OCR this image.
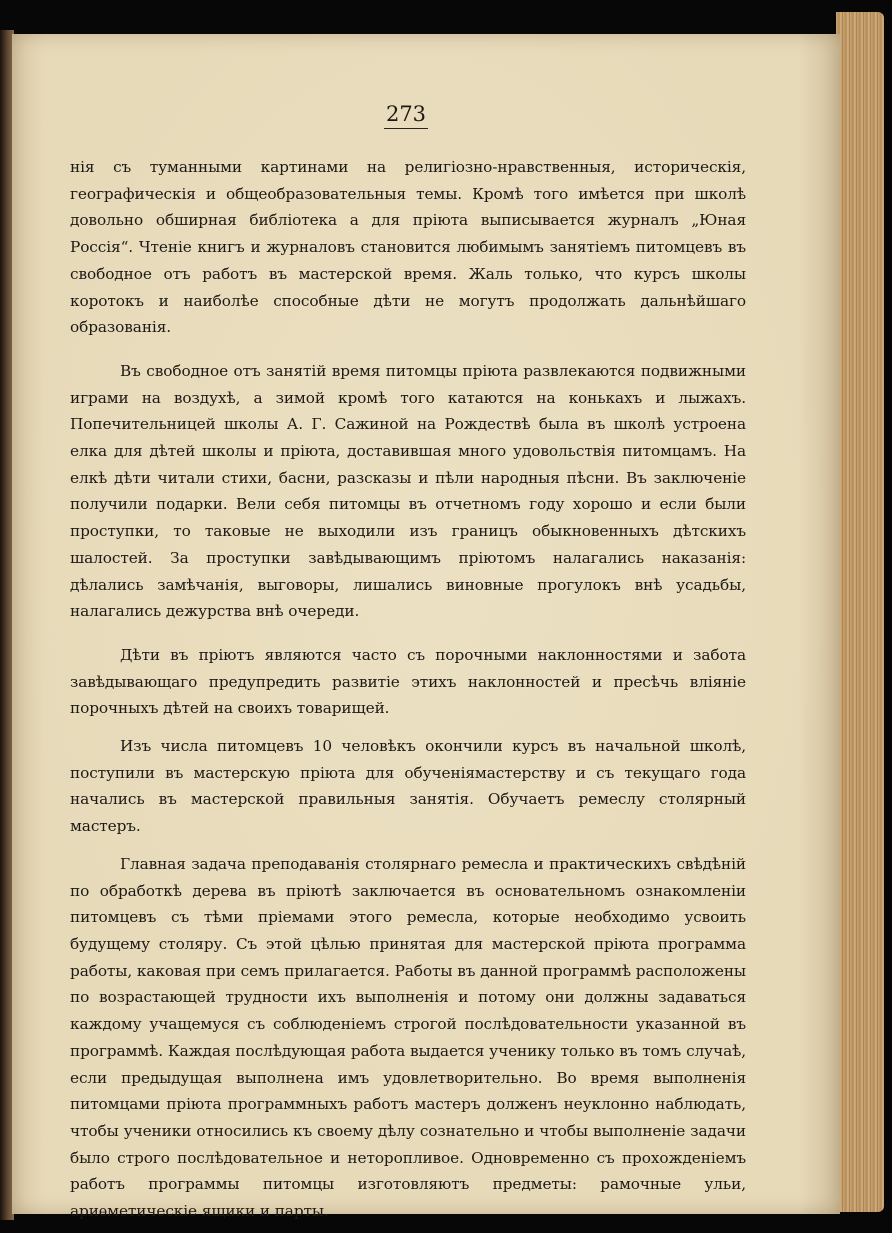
273

нія съ туманными картинами на религіозно-нравственныя, историческія, географическія и общеобразовательныя темы. Кромѣ того имѣется при школѣ довольно обширная библіотека а для пріюта выписывается журналъ „Юная Россія“. Чтеніе книгъ и журналовъ становится любимымъ занятіемъ питомцевъ въ свободное отъ работъ въ мастерской время. Жаль только, что курсъ школы коротокъ и наиболѣе способные дѣти не могутъ продолжать дальнѣйшаго образованія.

Въ свободное отъ занятій время питомцы пріюта развлекаются подвижными играми на воздухѣ, а зимой кромѣ того катаются на конькахъ и лыжахъ. Попечительницей школы А. Г. Сажиной на Рождествѣ была въ школѣ устроена елка для дѣтей школы и пріюта, доставившая много удовольствія питомцамъ. На елкѣ дѣти читали стихи, басни, разсказы и пѣли народныя пѣсни. Въ заключеніе получили подарки. Вели себя питомцы въ отчетномъ году хорошо и если были проступки, то таковые не выходили изъ границъ обыкновенныхъ дѣтскихъ шалостей. За проступки завѣдывающимъ пріютомъ налагались наказанія: дѣлались замѣчанія, выговоры, лишались виновные прогулокъ внѣ усадьбы, налагались дежурства внѣ очереди.

Дѣти въ пріютъ являются часто съ порочными наклонностями и забота завѣдывающаго предупредить развитіе этихъ наклонностей и пресѣчь вліяніе порочныхъ дѣтей на своихъ товарищей.

Изъ числа питомцевъ 10 человѣкъ окончили курсъ въ начальной школѣ, поступили въ мастерскую пріюта для обученіямастерству и съ текущаго года начались въ мастерской правильныя занятія. Обучаетъ ремеслу столярный мастеръ.

Главная задача преподаванія столярнаго ремесла и практическихъ свѣдѣній по обработкѣ дерева въ пріютѣ заключается въ основательномъ ознакомленіи питомцевъ съ тѣми пріемами этого ремесла, которые необходимо усвоить будущему столяру. Съ этой цѣлью принятая для мастерской пріюта программа работы, каковая при семъ прилагается. Работы въ данной программѣ расположены по возрастающей трудности ихъ выполненія и потому они должны задаваться каждому учащемуся съ соблюденіемъ строгой послѣдовательности указанной въ программѣ. Каждая послѣдующая работа выдается ученику только въ томъ случаѣ, если предыдущая выполнена имъ удовлетворительно. Во время выполненія питомцами пріюта программныхъ работъ мастеръ долженъ неуклонно наблюдать, чтобы ученики относились къ своему дѣлу сознательно и чтобы выполненіе задачи было строго послѣдовательное и неторопливое. Одновременно съ прохожденіемъ работъ программы питомцы изготовляютъ предметы: рамочные ульи, ариѳметическіе ящики и парты.
